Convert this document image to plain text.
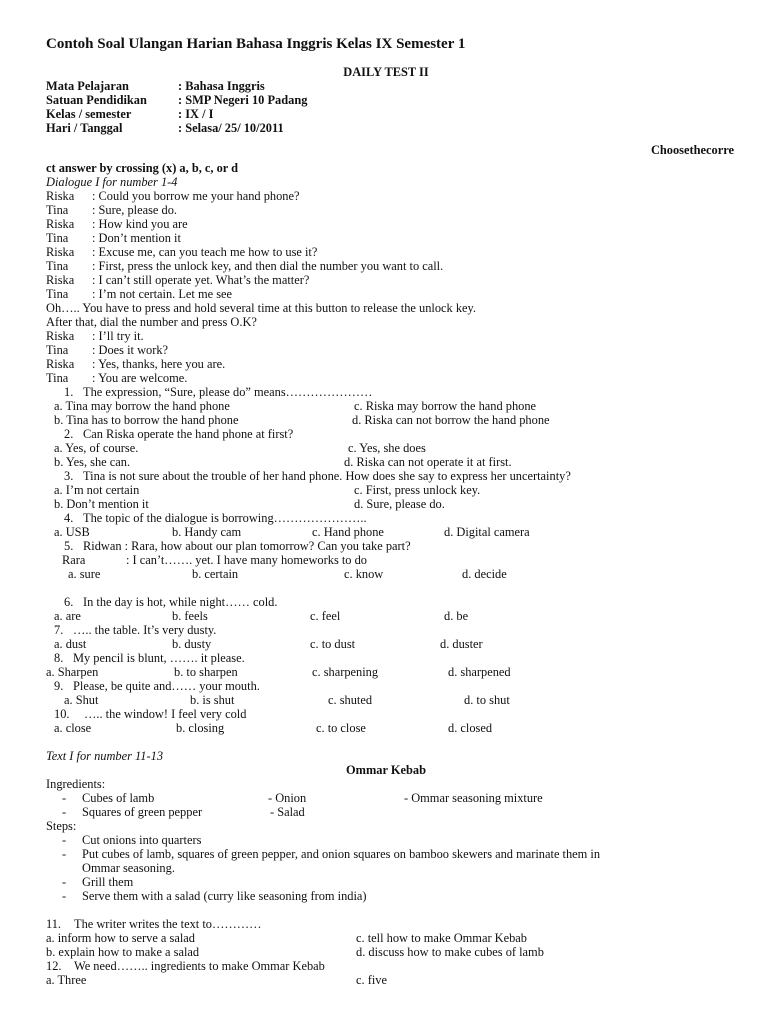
Contoh Soal Ulangan Harian Bahasa Inggris Kelas IX Semester 1
DAILY TEST II
Mata Pelajaran	: Bahasa Inggris
Satuan Pendidikan	: SMP Negeri 10 Padang
Kelas / semester	: IX / I
Hari / Tanggal	: Selasa/ 25/ 10/2011
Choosethecorre
ct answer by crossing (x) a, b, c, or d
Dialogue I for number 1-4
Riska : Could you borrow me your hand phone?
Tina : Sure, please do.
Riska : How kind you are
Tina : Don’t mention it
Riska : Excuse me, can you teach me how to use it?
Tina : First, press the unlock key, and then dial the number you want to call.
Riska : I can’t still operate yet. What’s the matter?
Tina : I’m not certain. Let me see
Oh….. You have to press and hold several time at this button to release the unlock key.
After that, dial the number and press O.K?
Riska : I’ll try it.
Tina : Does it work?
Riska : Yes, thanks, here you are.
Tina : You are welcome.
1. The expression, “Sure, please do” means…………………
a. Tina may borrow the hand phone	c. Riska may borrow the hand phone
b. Tina has to borrow the hand phone	d. Riska can not borrow the hand phone
2. Can Riska operate the hand phone at first?
a. Yes, of course.	c. Yes, she does
b. Yes, she can.	d. Riska can not operate it at first.
3. Tina is not sure about the trouble of her hand phone. How does she say to express her uncertainty?
a. I’m not certain	c. First, press unlock key.
b. Don’t mention it	d. Sure, please do.
4. The topic of the dialogue is borrowing…………………..
a. USB	b. Handy cam	c. Hand phone	d. Digital camera
5. Ridwan : Rara, how about our plan tomorrow? Can you take part?
Rara	: I can’t……. yet. I have many homeworks to do
a. sure	b. certain	c. know	d. decide
6. In the day is hot, while night…… cold.
a. are	b. feels	c. feel	d. be
7. ….. the table. It’s very dusty.
a. dust	b. dusty	c. to dust	d. duster
8. My pencil is blunt, ……. it please.
a. Sharpen	b. to sharpen	c. sharpening	d. sharpened
9. Please, be quite and…… your mouth.
a. Shut	b. is shut	c. shuted	d. to shut
10. ….. the window! I feel very cold
a. close	b. closing	c. to close	d. closed
Text I for number 11-13
Ommar Kebab
Ingredients:
- Cubes of lamb	- Onion	- Ommar seasoning mixture
- Squares of green pepper	- Salad
Steps:
- Cut onions into quarters
- Put cubes of lamb, squares of green pepper, and onion squares on bamboo skewers and marinate them in
Ommar seasoning.
- Grill them
- Serve them with a salad (curry like seasoning from india)
11. The writer writes the text to…………
a. inform how to serve a salad	c. tell how to make Ommar Kebab
b. explain how to make a salad	d. discuss how to make cubes of lamb
12. We need…….. ingredients to make Ommar Kebab
a. Three	c. five
